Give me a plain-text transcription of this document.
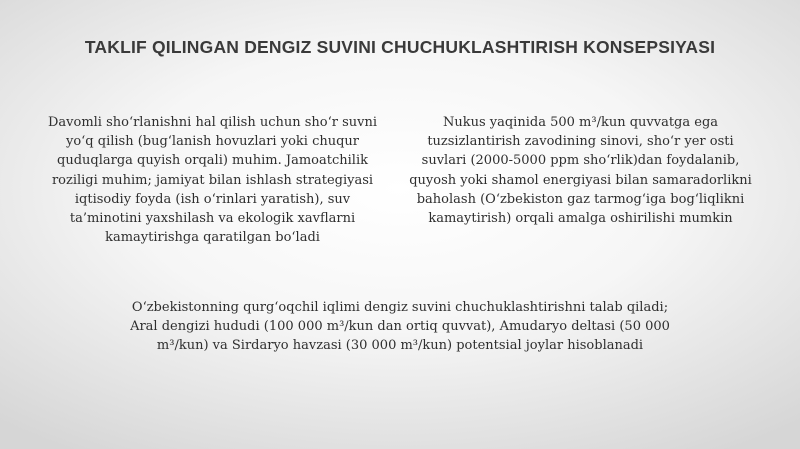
TAKLIF QILINGAN DENGIZ SUVINI CHUCHUKLASHTIRISH KONSEPSIYASI
Davomli sho‘rlanishni hal qilish uchun sho‘r suvni yo‘q qilish (bug‘lanish hovuzlari yoki chuqur quduqlarga quyish orqali) muhim. Jamoatchilik roziligi muhim; jamiyat bilan ishlash strategiyasi iqtisodiy foyda (ish o‘rinlari yaratish), suv ta’minotini yaxshilash va ekologik xavflarni kamaytirishga qaratilgan bo‘ladi
Nukus yaqinida 500 m³/kun quvvatga ega tuzsizlantirish zavodining sinovi, sho‘r yer osti suvlari (2000-5000 ppm sho‘rlik)dan foydalanib, quyosh yoki shamol energiyasi bilan samaradorlikni baholash (O‘zbekiston gaz tarmog‘iga bog‘liqlikni kamaytirish) orqali amalga oshirilishi mumkin
O‘zbekistonning qurg‘oqchil iqlimi dengiz suvini chuchuklashtirishni talab qiladi; Aral dengizi hududi (100 000 m³/kun dan ortiq quvvat), Amudaryo deltasi (50 000 m³/kun) va Sirdaryo havzasi (30 000 m³/kun) potentsial joylar hisoblanadi
